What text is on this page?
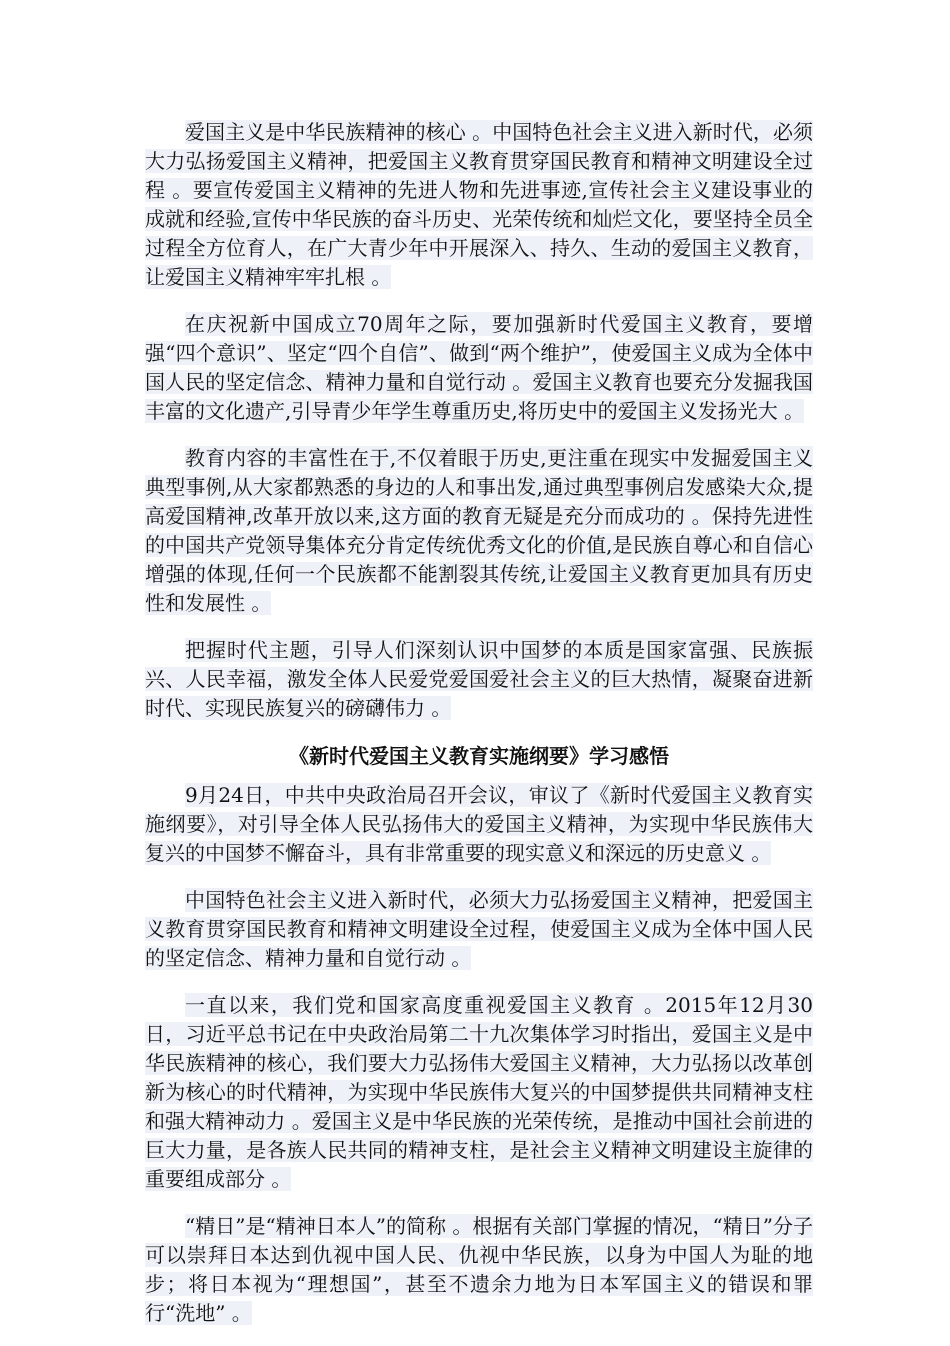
爱国主义是中华民族精神的核心 。中国特色社会主义进入新时代，必须大力弘扬爱国主义精神，把爱国主义教育贯穿国民教育和精神文明建设全过程 。要宣传爱国主义精神的先进人物和先进事迹,宣传社会主义建设事业的成就和经验,宣传中华民族的奋斗历史、光荣传统和灿烂文化，要坚持全员全过程全方位育人，在广大青少年中开展深入、持久、生动的爱国主义教育，让爱国主义精神牢牢扎根 。

在庆祝新中国成立70周年之际，要加强新时代爱国主义教育，要增强“四个意识”、坚定“四个自信”、做到“两个维护”，使爱国主义成为全体中国人民的坚定信念、精神力量和自觉行动 。爱国主义教育也要充分发掘我国丰富的文化遗产,引导青少年学生尊重历史,将历史中的爱国主义发扬光大 。

教育内容的丰富性在于,不仅着眼于历史,更注重在现实中发掘爱国主义典型事例,从大家都熟悉的身边的人和事出发,通过典型事例启发感染大众,提高爱国精神,改革开放以来,这方面的教育无疑是充分而成功的 。保持先进性的中国共产党领导集体充分肯定传统优秀文化的价值,是民族自尊心和自信心增强的体现,任何一个民族都不能割裂其传统,让爱国主义教育更加具有历史性和发展性 。

把握时代主题，引导人们深刻认识中国梦的本质是国家富强、民族振兴、人民幸福，激发全体人民爱党爱国爱社会主义的巨大热情，凝聚奋进新时代、实现民族复兴的磅礴伟力 。

《新时代爱国主义教育实施纲要》学习感悟

9月24日，中共中央政治局召开会议，审议了《新时代爱国主义教育实施纲要》，对引导全体人民弘扬伟大的爱国主义精神，为实现中华民族伟大复兴的中国梦不懈奋斗，具有非常重要的现实意义和深远的历史意义 。

中国特色社会主义进入新时代，必须大力弘扬爱国主义精神，把爱国主义教育贯穿国民教育和精神文明建设全过程，使爱国主义成为全体中国人民的坚定信念、精神力量和自觉行动 。

一直以来，我们党和国家高度重视爱国主义教育 。2015年12月30日，习近平总书记在中央政治局第二十九次集体学习时指出，爱国主义是中华民族精神的核心，我们要大力弘扬伟大爱国主义精神，大力弘扬以改革创新为核心的时代精神，为实现中华民族伟大复兴的中国梦提供共同精神支柱和强大精神动力 。爱国主义是中华民族的光荣传统，是推动中国社会前进的巨大力量，是各族人民共同的精神支柱，是社会主义精神文明建设主旋律的重要组成部分 。

“精日”是“精神日本人”的简称 。根据有关部门掌握的情况，“精日”分子可以崇拜日本达到仇视中国人民、仇视中华民族，以身为中国人为耻的地步；将日本视为“理想国”，甚至不遗余力地为日本军国主义的错误和罪行“洗地” 。
